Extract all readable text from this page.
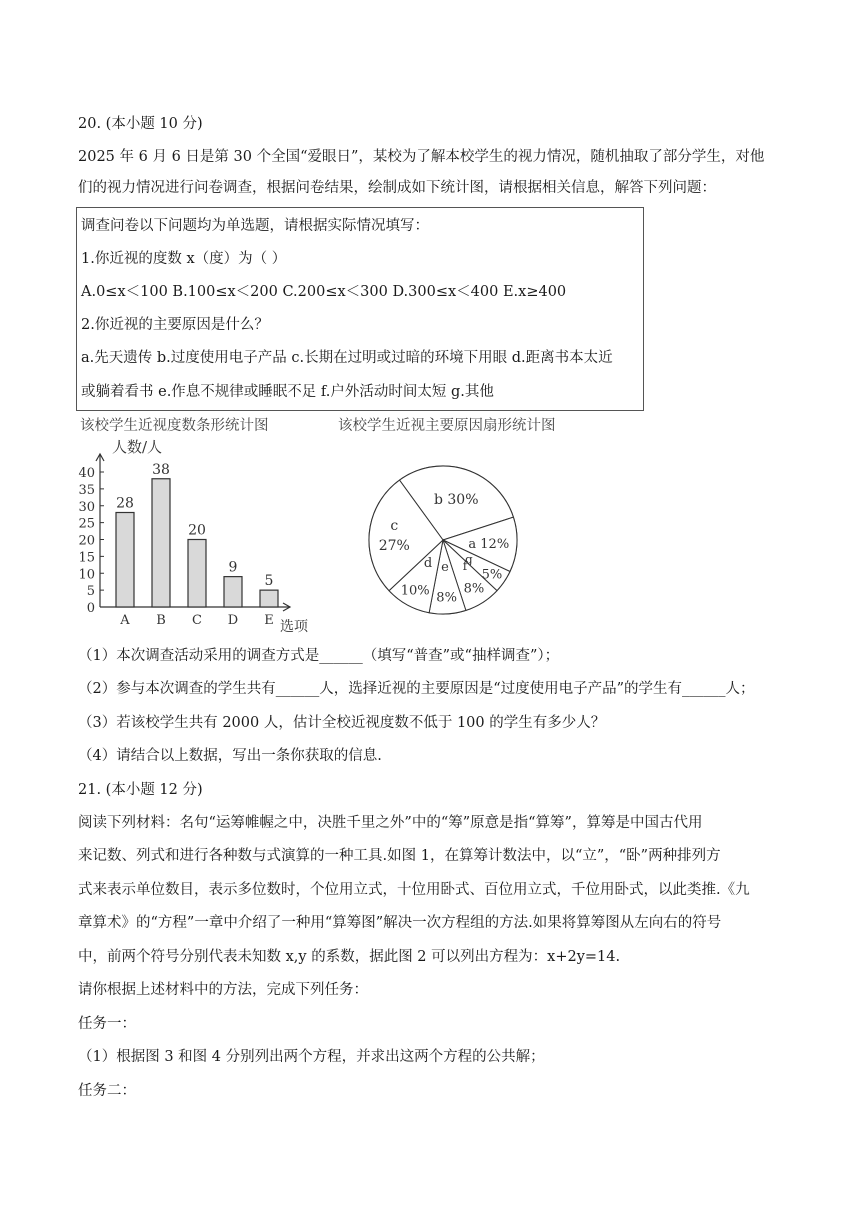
20. (本小题 10 分)
2025 年 6 月 6 日是第 30 个全国“爱眼日”，某校为了解本校学生的视力情况，随机抽取了部分学生，对他
们的视力情况进行问卷调查，根据问卷结果，绘制成如下统计图，请根据相关信息，解答下列问题：
调查问卷以下问题均为单选题，请根据实际情况填写：
1.你近视的度数 x（度）为（ ）
A.0≤x＜100 B.100≤x＜200 C.200≤x＜300 D.300≤x＜400 E.x≥400
2.你近视的主要原因是什么？
a.先天遗传 b.过度使用电子产品 c.长期在过明或过暗的环境下用眼 d.距离书本太近
或躺着看书 e.作息不规律或睡眠不足 f.户外活动时间太短 g.其他
该校学生近视度数条形统计图	该校学生近视主要原因扇形统计图
人数/人
选项
0
5
10
15
20
25
30
35
40
28
A
38
B
20
C
9
D
5
E
b 30%
a 12%
g
5%
f
8%
e
8%
d
10%
c
27%
（1）本次调查活动采用的调查方式是______（填写“普查”或“抽样调查”）；
（2）参与本次调查的学生共有______人，选择近视的主要原因是“过度使用电子产品”的学生有______人；
（3）若该校学生共有 2000 人，估计全校近视度数不低于 100 的学生有多少人？
（4）请结合以上数据，写出一条你获取的信息.
21. (本小题 12 分)
阅读下列材料：名句“运筹帷幄之中，决胜千里之外”中的“筹”原意是指“算筹”，算筹是中国古代用
来记数、列式和进行各种数与式演算的一种工具.如图 1，在算筹计数法中，以“立”，“卧”两种排列方
式来表示单位数目，表示多位数时，个位用立式，十位用卧式、百位用立式，千位用卧式，以此类推.《九
章算术》的“方程”一章中介绍了一种用“算筹图”解决一次方程组的方法.如果将算筹图从左向右的符号
中，前两个符号分别代表未知数 x,y 的系数，据此图 2 可以列出方程为：x+2y=14.
请你根据上述材料中的方法，完成下列任务：
任务一：
（1）根据图 3 和图 4 分别列出两个方程，并求出这两个方程的公共解；
任务二：
